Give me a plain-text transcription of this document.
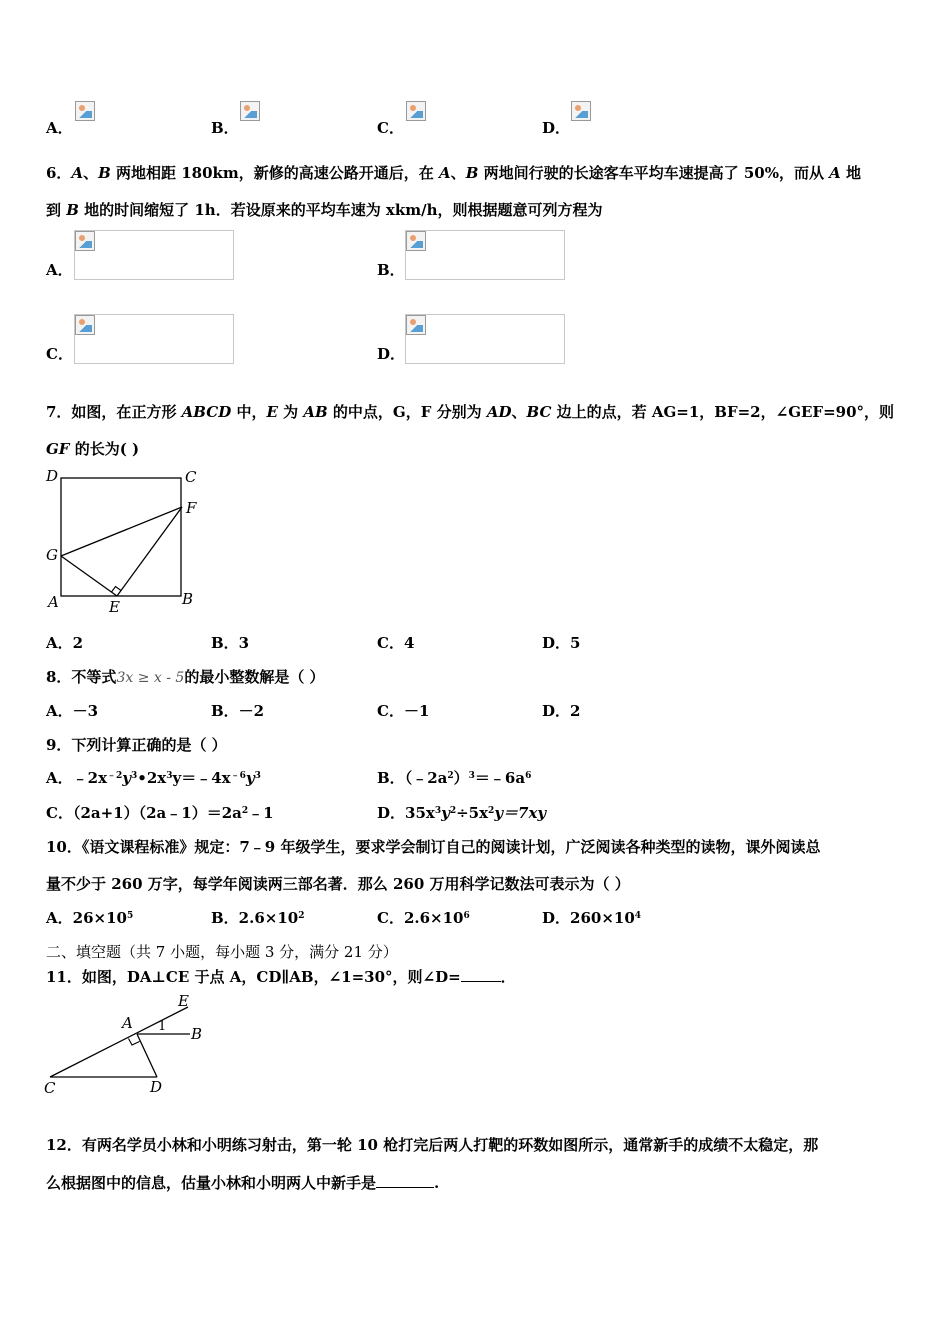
A．	B．	C．	D．
6．A、B 两地相距 180km，新修的高速公路开通后，在 A、B 两地间行驶的长途客车平均车速提高了 50%，而从 A 地
到 B 地的时间缩短了 1h．若设原来的平均车速为 xkm/h，则根据题意可列方程为
A．	B．
C．	D．
7．如图，在正方形 ABCD 中，E 为 AB 的中点，G，F 分别为 AD、BC 边上的点，若 AG=1，BF=2，∠GEF=90°，则
GF 的长为( )
D	C
F
G
A	E	B
A．2	B．3	C．4	D．5
8．不等式3x ≥ x - 5的最小整数解是（ ）
A．－3	B．－2	C．－1	D．2
9．下列计算正确的是（ ）
A．$﹣2x^{﹣2}y^3•2x^3y=﹣4x^{﹣6}y^3$	B．$(﹣2a^2)^3=﹣6a^6$
C．$(2a+1)(2a﹣1)=2a^2﹣1$	D．$35x^3y^2\div 5x^2y=7xy$
10．《语文课程标准》规定：7﹣9 年级学生，要求学会制订自己的阅读计划，广泛阅读各种类型的读物，课外阅读总
量不少于 260 万字，每学年阅读两三部名著．那么 260 万用科学记数法可表示为（ ）
A．$26\times 10^5$	B．$2.6\times 10^2$	C．$2.6\times 10^6$	D．$260\times 10^4$
二、填空题（共 7 小题，每小题 3 分，满分 21 分）
11．如图，DA⊥CE 于点 A，CD∥AB，∠1=30°，则∠D=	．
E
A 1 B
C	D
12．有两名学员小林和小明练习射击，第一轮 10 枪打完后两人打靶的环数如图所示，通常新手的成绩不太稳定，那
么根据图中的信息，估量小林和小明两人中新手是	.
